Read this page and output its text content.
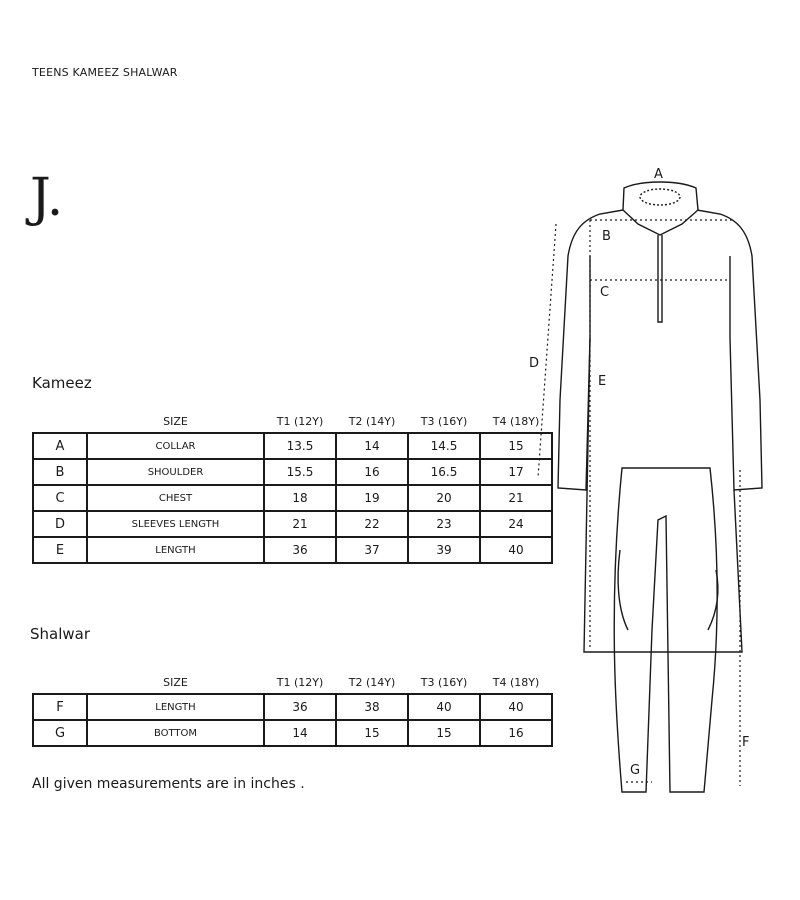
TEENS KAMEEZ SHALWAR
J.
Kameez
	SIZE	T1 (12Y)	T2 (14Y)	T3 (16Y)	T4 (18Y)
A	COLLAR	13.5	14	14.5	15
B	SHOULDER	15.5	16	16.5	17
C	CHEST	18	19	20	21
D	SLEEVES LENGTH	21	22	23	24
E	LENGTH	36	37	39	40
Shalwar
	SIZE	T1 (12Y)	T2 (14Y)	T3 (16Y)	T4 (18Y)
F	LENGTH	36	38	40	40
G	BOTTOM	14	15	15	16
All given measurements are in inches .
A
B
C
D
E
F
G
